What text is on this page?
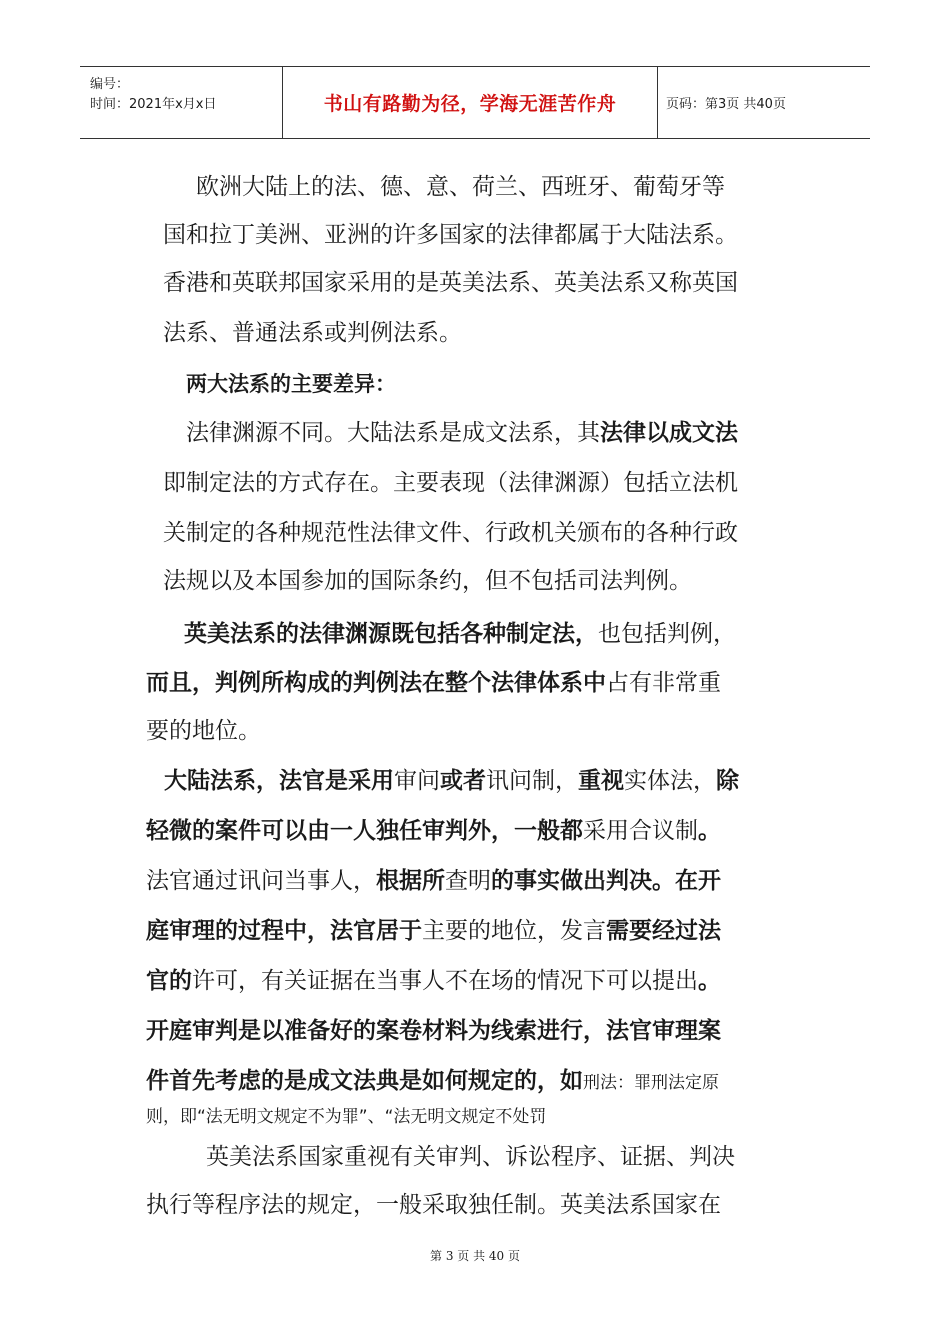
编号：
时间：2021年x月x日	书山有路勤为径，学海无涯苦作舟	页码：第3页 共40页
欧洲大陆上的法、德、意、荷兰、西班牙、葡萄牙等
国和拉丁美洲、亚洲的许多国家的法律都属于大陆法系。
香港和英联邦国家采用的是英美法系、英美法系又称英国
法系、普通法系或判例法系。
两大法系的主要差异：
法律渊源不同。大陆法系是成文法系，其法律以成文法
即制定法的方式存在。主要表现（法律渊源）包括立法机
关制定的各种规范性法律文件、行政机关颁布的各种行政
法规以及本国参加的国际条约，但不包括司法判例。
英美法系的法律渊源既包括各种制定法，也包括判例，
而且，判例所构成的判例法在整个法律体系中占有非常重
要的地位。
大陆法系，法官是采用审问或者讯问制，重视实体法，除
轻微的案件可以由一人独任审判外，一般都采用合议制。
法官通过讯问当事人，根据所查明的事实做出判决。在开
庭审理的过程中，法官居于主要的地位，发言需要经过法
官的许可，有关证据在当事人不在场的情况下可以提出。
开庭审判是以准备好的案卷材料为线索进行，法官审理案
件首先考虑的是成文法典是如何规定的，如刑法：罪刑法定原
则，即“法无明文规定不为罪”、“法无明文规定不处罚
英美法系国家重视有关审判、诉讼程序、证据、判决
执行等程序法的规定，一般采取独任制。英美法系国家在
第 3 页 共 40 页
